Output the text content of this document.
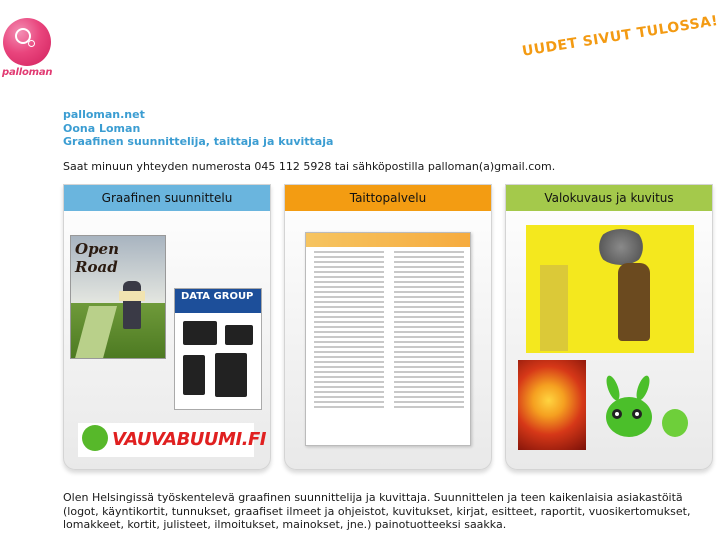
palloman
UUDET SIVUT TULOSSA!
palloman.net
Oona Loman
Graafinen suunnittelija, taittaja ja kuvittaja
Saat minuun yhteyden numerosta 045 112 5928 tai sähköpostilla palloman(a)gmail.com.
Graafinen suunnittelu
Open Road
DATA GROUP
VAUVABUUMI.FI
Taittopalvelu	Valokuvaus ja kuvitus
Olen Helsingissä työskentelevä graafinen suunnittelija ja kuvittaja. Suunnittelen ja teen kaikenlaisia asiakastöitä (logot, käyntikortit, tunnukset, graafiset ilmeet ja ohjeistot, kuvitukset, kirjat, esitteet, raportit, vuosikertomukset, lomakkeet, kortit, julisteet, ilmoitukset, mainokset, jne.) painotuotteeksi saakka.
